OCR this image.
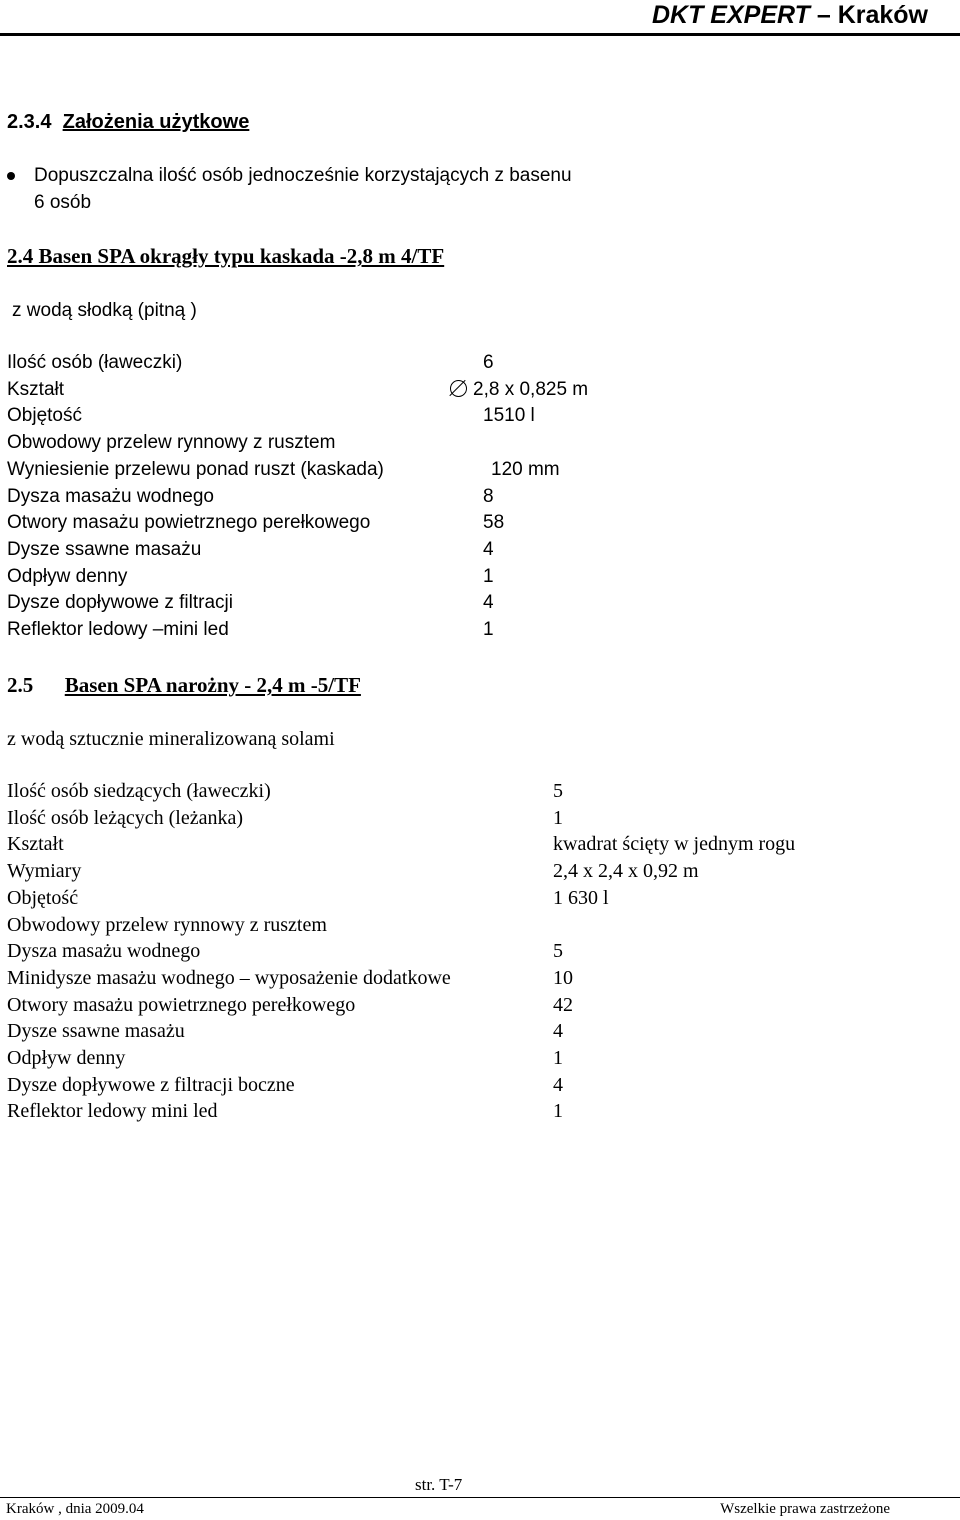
DKT EXPERT – Kraków
2.3.4 Założenia użytkowe
Dopuszczalna ilość osób jednocześnie korzystających z basenu
6 osób
2.4 Basen SPA okrągły typu kaskada -2,8 m 4/TF
z wodą słodką (pitną )
Ilość osób (ławeczki)	6
Kształt	2,8 x 0,825 m
Objętość	1510 l
Obwodowy przelew rynnowy z rusztem
Wyniesienie przelewu ponad ruszt (kaskada)	120 mm
Dysza masażu wodnego	8
Otwory masażu powietrznego perełkowego	58
Dysze ssawne masażu	4
Odpływ denny	1
Dysze dopływowe z filtracji	4
Reflektor ledowy –mini led	1
2.5 Basen SPA narożny - 2,4 m -5/TF
z wodą sztucznie mineralizowaną solami
Ilość osób siedzących (ławeczki)	5
Ilość osób leżących (leżanka)	1
Kształt	kwadrat ścięty w jednym rogu
Wymiary	2,4 x 2,4 x 0,92 m
Objętość	1 630 l
Obwodowy przelew rynnowy z rusztem
Dysza masażu wodnego	5
Minidysze masażu wodnego – wyposażenie dodatkowe	10
Otwory masażu powietrznego perełkowego	42
Dysze ssawne masażu	4
Odpływ denny	1
Dysze dopływowe z filtracji boczne	4
Reflektor ledowy mini led	1
str. T-7
Kraków , dnia 2009.04	Wszelkie prawa zastrzeżone
